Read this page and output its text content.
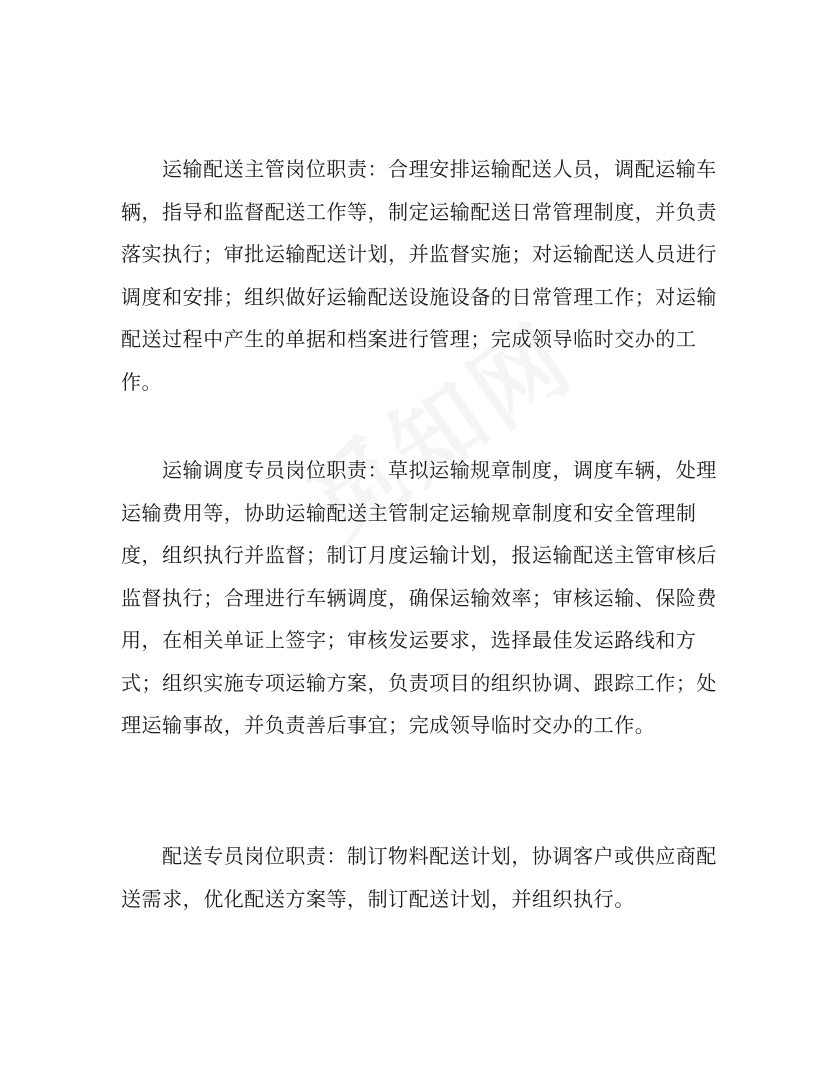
运输配送主管岗位职责：合理安排运输配送人员，调配运输车辆，指导和监督配送工作等，制定运输配送日常管理制度，并负责落实执行；审批运输配送计划，并监督实施；对运输配送人员进行调度和安排；组织做好运输配送设施设备的日常管理工作；对运输配送过程中产生的单据和档案进行管理；完成领导临时交办的工作。

运输调度专员岗位职责：草拟运输规章制度，调度车辆，处理运输费用等，协助运输配送主管制定运输规章制度和安全管理制度，组织执行并监督；制订月度运输计划，报运输配送主管审核后监督执行；合理进行车辆调度，确保运输效率；审核运输、保险费用，在相关单证上签字；审核发运要求，选择最佳发运路线和方式；组织实施专项运输方案，负责项目的组织协调、跟踪工作；处理运输事故，并负责善后事宜；完成领导临时交办的工作。

配送专员岗位职责：制订物料配送计划，协调客户或供应商配送需求，优化配送方案等，制订配送计划，并组织执行。
